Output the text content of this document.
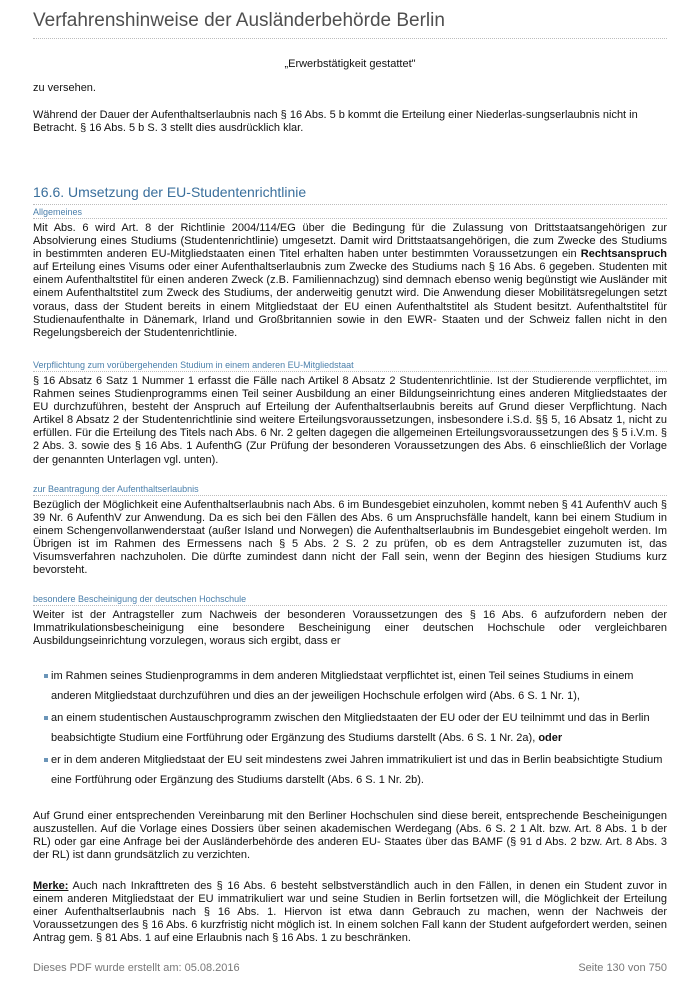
Verfahrenshinweise der Ausländerbehörde Berlin
„Erwerbstätigkeit gestattet"

zu versehen.

Während der Dauer der Aufenthaltserlaubnis nach § 16 Abs. 5 b kommt die Erteilung einer Niederlas-sungserlaubnis nicht in Betracht. § 16 Abs. 5 b S. 3 stellt dies ausdrücklich klar.

16.6. Umsetzung der EU-Studentenrichtlinie
Allgemeines

Mit Abs. 6 wird Art. 8 der Richtlinie 2004/114/EG über die Bedingung für die Zulassung von Drittstaatsangehörigen zur Absolvierung eines Studiums (Studentenrichtlinie) umgesetzt. Damit wird Drittstaatsangehörigen, die zum Zwecke des Studiums in bestimmten anderen EU-Mitgliedstaaten einen Titel erhalten haben unter bestimmten Voraussetzungen ein Rechtsanspruch auf Erteilung eines Visums oder einer Aufenthaltserlaubnis zum Zwecke des Studiums nach § 16 Abs. 6 gegeben. Studenten mit einem Aufenthaltstitel für einen anderen Zweck (z.B. Familiennachzug) sind demnach ebenso wenig begünstigt wie Ausländer mit einem Aufenthaltstitel zum Zweck des Studiums, der anderweitig genutzt wird. Die Anwendung dieser Mobilitätsregelungen setzt voraus, dass der Student bereits in einem Mitgliedstaat der EU einen Aufenthaltstitel als Student besitzt. Aufenthaltstitel für Studienaufenthalte in Dänemark, Irland und Großbritannien sowie in den EWR- Staaten und der Schweiz fallen nicht in den Regelungsbereich der Studentenrichtlinie.

Verpflichtung zum vorübergehenden Studium in einem anderen EU-Mitgliedstaat

§ 16 Absatz 6 Satz 1 Nummer 1 erfasst die Fälle nach Artikel 8 Absatz 2 Studentenrichtlinie. Ist der Studierende verpflichtet, im Rahmen seines Studienprogramms einen Teil seiner Ausbildung an einer Bildungseinrichtung eines anderen Mitgliedstaates der EU durchzuführen, besteht der Anspruch auf Erteilung der Aufenthaltserlaubnis bereits auf Grund dieser Verpflichtung. Nach Artikel 8 Absatz 2 der Studentenrichtlinie sind weitere Erteilungsvoraussetzungen, insbesondere i.S.d. §§ 5, 16 Absatz 1, nicht zu erfüllen. Für die Erteilung des Titels nach Abs. 6 Nr. 2 gelten dagegen die allgemeinen Erteilungsvoraussetzungen des § 5 i.V.m. § 2 Abs. 3. sowie des § 16 Abs. 1 AufenthG (Zur Prüfung der besonderen Voraussetzungen des Abs. 6 einschließlich der Vorlage der genannten Unterlagen vgl. unten).

zur Beantragung der Aufenthaltserlaubnis

Bezüglich der Möglichkeit eine Aufenthaltserlaubnis nach Abs. 6 im Bundesgebiet einzuholen, kommt neben § 41 AufenthV auch § 39 Nr. 6 AufenthV zur Anwendung. Da es sich bei den Fällen des Abs. 6 um Anspruchsfälle handelt, kann bei einem Studium in einem Schengenvollanwenderstaat (außer Island und Norwegen) die Aufenthaltserlaubnis im Bundesgebiet eingeholt werden. Im Übrigen ist im Rahmen des Ermessens nach § 5 Abs. 2 S. 2 zu prüfen, ob es dem Antragsteller zuzumuten ist, das Visumsverfahren nachzuholen. Die dürfte zumindest dann nicht der Fall sein, wenn der Beginn des hiesigen Studiums kurz bevorsteht.

besondere Bescheinigung der deutschen Hochschule

Weiter ist der Antragsteller zum Nachweis der besonderen Voraussetzungen des § 16 Abs. 6 aufzufordern neben der Immatrikulationsbescheinigung eine besondere Bescheinigung einer deutschen Hochschule oder vergleichbaren Ausbildungseinrichtung vorzulegen, woraus sich ergibt, dass er

im Rahmen seines Studienprogramms in dem anderen Mitgliedstaat verpflichtet ist, einen Teil seines Studiums in einem anderen Mitgliedstaat durchzuführen und dies an der jeweiligen Hochschule erfolgen wird (Abs. 6 S. 1 Nr. 1),
an einem studentischen Austauschprogramm zwischen den Mitgliedstaaten der EU oder der EU teilnimmt und das in Berlin beabsichtigte Studium eine Fortführung oder Ergänzung des Studiums darstellt (Abs. 6 S. 1 Nr. 2a), oder
er in dem anderen Mitgliedstaat der EU seit mindestens zwei Jahren immatrikuliert ist und das in Berlin beabsichtigte Studium eine Fortführung oder Ergänzung des Studiums darstellt (Abs. 6 S. 1 Nr. 2b).

Auf Grund einer entsprechenden Vereinbarung mit den Berliner Hochschulen sind diese bereit, entsprechende Bescheinigungen auszustellen. Auf die Vorlage eines Dossiers über seinen akademischen Werdegang (Abs. 6 S. 2 1 Alt. bzw. Art. 8 Abs. 1 b der RL) oder gar eine Anfrage bei der Ausländerbehörde des anderen EU- Staates über das BAMF (§ 91 d Abs. 2 bzw. Art. 8 Abs. 3 der RL) ist dann grundsätzlich zu verzichten.

Merke: Auch nach Inkrafttreten des § 16 Abs. 6 besteht selbstverständlich auch in den Fällen, in denen ein Student zuvor in einem anderen Mitgliedstaat der EU immatrikuliert war und seine Studien in Berlin fortsetzen will, die Möglichkeit der Erteilung einer Aufenthaltserlaubnis nach § 16 Abs. 1. Hiervon ist etwa dann Gebrauch zu machen, wenn der Nachweis der Voraussetzungen des § 16 Abs. 6 kurzfristig nicht möglich ist. In einem solchen Fall kann der Student aufgefordert werden, seinen Antrag gem. § 81 Abs. 1 auf eine Erlaubnis nach § 16 Abs. 1 zu beschränken.

Dieses PDF wurde erstellt am: 05.08.2016	Seite 130 von 750
